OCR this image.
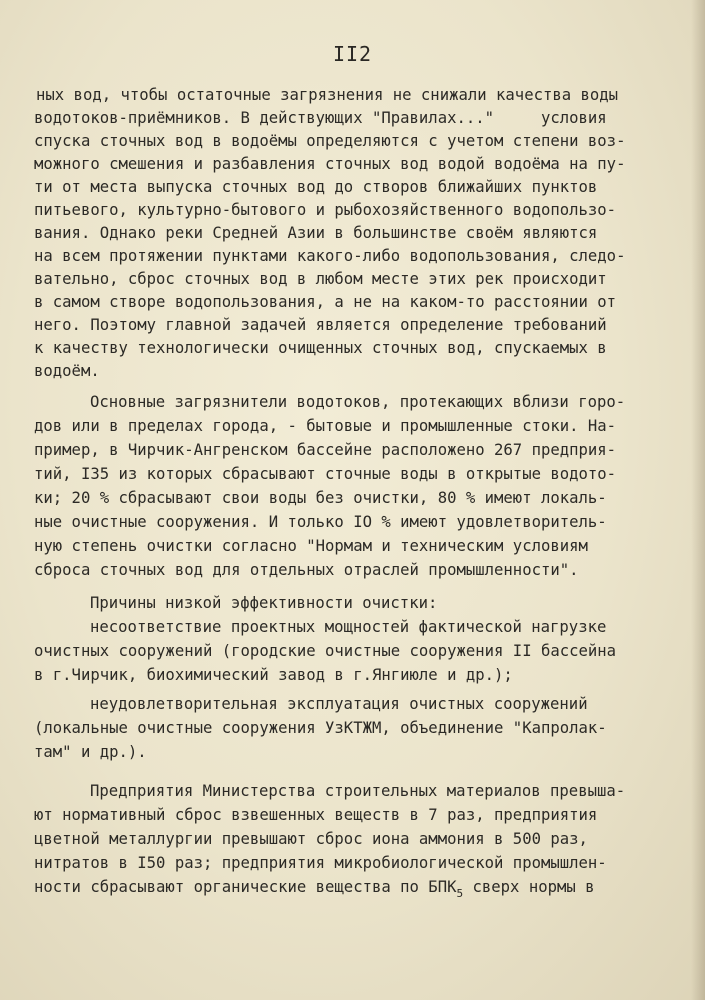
II2
ных вод, чтобы остаточные загрязнения не снижали качества воды
водотоков-приёмников. В действующих "Правилах..."     условия
спуска сточных вод в водоёмы определяются с учетом степени воз-
можного смешения и разбавления сточных вод водой водоёма на пу-
ти от места выпуска сточных вод до створов ближайших пунктов
питьевого, культурно-бытового и рыбохозяйственного водопользо-
вания. Однако реки Средней Азии в большинстве своём являются
на всем протяжении пунктами какого-либо водопользования, следо-
вательно, сброс сточных вод в любом месте этих рек происходит
в самом створе водопользования, а не на каком-то расстоянии от
него. Поэтому главной задачей является определение требований
к качеству технологически очищенных сточных вод, спускаемых в
водоём.
Основные загрязнители водотоков, протекающих вблизи горо-
дов или в пределах города, - бытовые и промышленные стоки. На-
пример, в Чирчик-Ангренском бассейне расположено 267 предприя-
тий, I35 из которых сбрасывают сточные воды в открытые водото-
ки; 20 % сбрасывают свои воды без очистки, 80 % имеют локаль-
ные очистные сооружения. И только IO % имеют удовлетворитель-
ную степень очистки согласно "Нормам и техническим условиям
сброса сточных вод для отдельных отраслей промышленности".
Причины низкой эффективности очистки:
несоответствие проектных мощностей фактической нагрузке
очистных сооружений (городские очистные сооружения II бассейна
в г.Чирчик, биохимический завод в г.Янгиюле и др.);
неудовлетворительная эксплуатация очистных сооружений
(локальные очистные сооружения УзКТЖМ, объединение "Капролак-
там" и др.).
Предприятия Министерства строительных материалов превыша-
ют нормативный сброс взвешенных веществ в 7 раз, предприятия
цветной металлургии превышают сброс иона аммония в 500 раз,
нитратов в I50 раз; предприятия микробиологической промышлен-
ности сбрасывают органические вещества по $БПК_5$ сверх нормы в
